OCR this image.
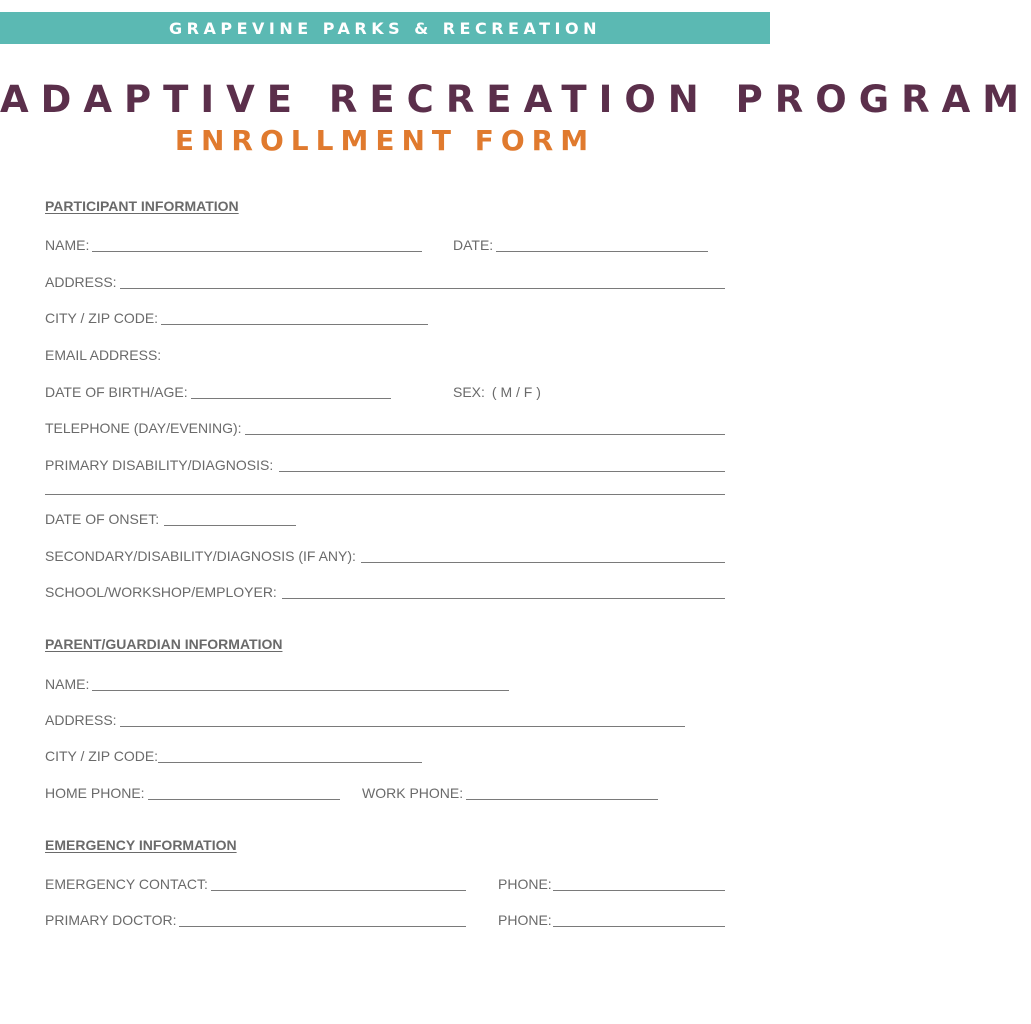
GRAPEVINE PARKS & RECREATION
ADAPTIVE RECREATION PROGRAM
ENROLLMENT FORM
PARTICIPANT INFORMATION
NAME:	DATE:
ADDRESS:
CITY / ZIP CODE:
EMAIL ADDRESS:
DATE OF BIRTH/AGE:	SEX: ( M / F )
TELEPHONE (DAY/EVENING):
PRIMARY DISABILITY/DIAGNOSIS:
DATE OF ONSET:
SECONDARY/DISABILITY/DIAGNOSIS (IF ANY):
SCHOOL/WORKSHOP/EMPLOYER:
PARENT/GUARDIAN INFORMATION
NAME:
ADDRESS:
CITY / ZIP CODE:
HOME PHONE:	WORK PHONE:
EMERGENCY INFORMATION
EMERGENCY CONTACT:	PHONE:
PRIMARY DOCTOR:	PHONE:
